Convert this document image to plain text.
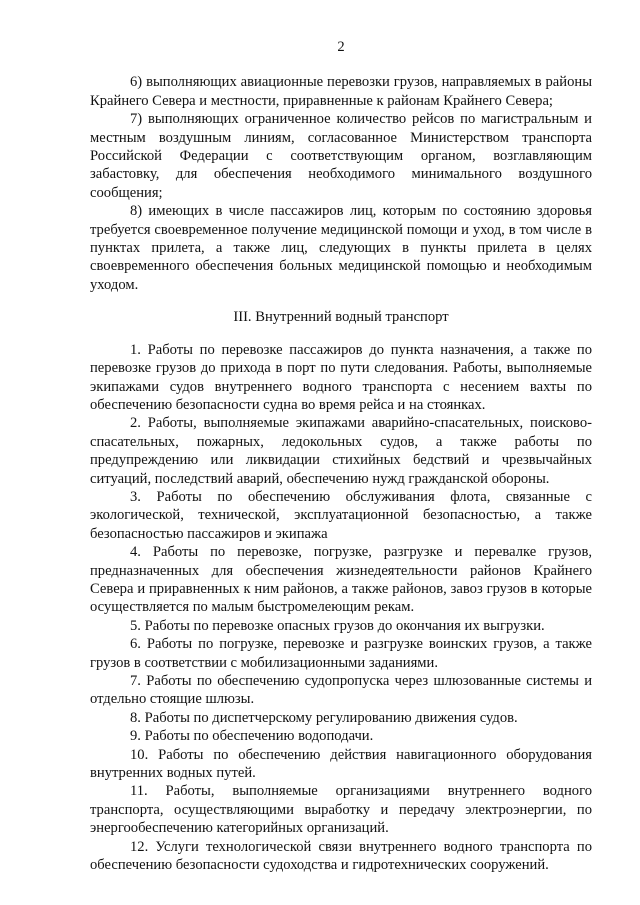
2

6) выполняющих авиационные перевозки грузов, направляемых в районы Крайнего Севера и местности, приравненные к районам Крайнего Севера;

7) выполняющих ограниченное количество рейсов по магистральным и местным воздушным линиям, согласованное Министерством транспорта Российской Федерации с соответствующим органом, возглавляющим забастовку, для обеспечения необходимого минимального воздушного сообщения;

8) имеющих в числе пассажиров лиц, которым по состоянию здоровья требуется своевременное получение медицинской помощи и уход, в том числе в пунктах прилета, а также лиц, следующих в пункты прилета в целях своевременного обеспечения больных медицинской помощью и необходимым уходом.

III. Внутренний водный транспорт

1. Работы по перевозке пассажиров до пункта назначения, а также по перевозке грузов до прихода в порт по пути следования. Работы, выполняемые экипажами судов внутреннего водного транспорта с несением вахты по обеспечению безопасности судна во время рейса и на стоянках.

2. Работы, выполняемые экипажами аварийно-спасательных, поисково-спасательных, пожарных, ледокольных судов, а также работы по предупреждению или ликвидации стихийных бедствий и чрезвычайных ситуаций, последствий аварий, обеспечению нужд гражданской обороны.

3. Работы по обеспечению обслуживания флота, связанные с экологической, технической, эксплуатационной безопасностью, а также безопасностью пассажиров и экипажа

4. Работы по перевозке, погрузке, разгрузке и перевалке грузов, предназначенных для обеспечения жизнедеятельности районов Крайнего Севера и приравненных к ним районов, а также районов, завоз грузов в которые осуществляется по малым быстромелеющим рекам.

5. Работы по перевозке опасных грузов до окончания их выгрузки.

6. Работы по погрузке, перевозке и разгрузке воинских грузов, а также грузов в соответствии с мобилизационными заданиями.

7. Работы по обеспечению судопропуска через шлюзованные системы и отдельно стоящие шлюзы.

8. Работы по диспетчерскому регулированию движения судов.

9. Работы по обеспечению водоподачи.

10. Работы по обеспечению действия навигационного оборудования внутренних водных путей.

11. Работы, выполняемые организациями внутреннего водного транспорта, осуществляющими выработку и передачу электроэнергии, по энергообеспечению категорийных организаций.

12. Услуги технологической связи внутреннего водного транспорта по обеспечению безопасности судоходства и гидротехнических сооружений.
